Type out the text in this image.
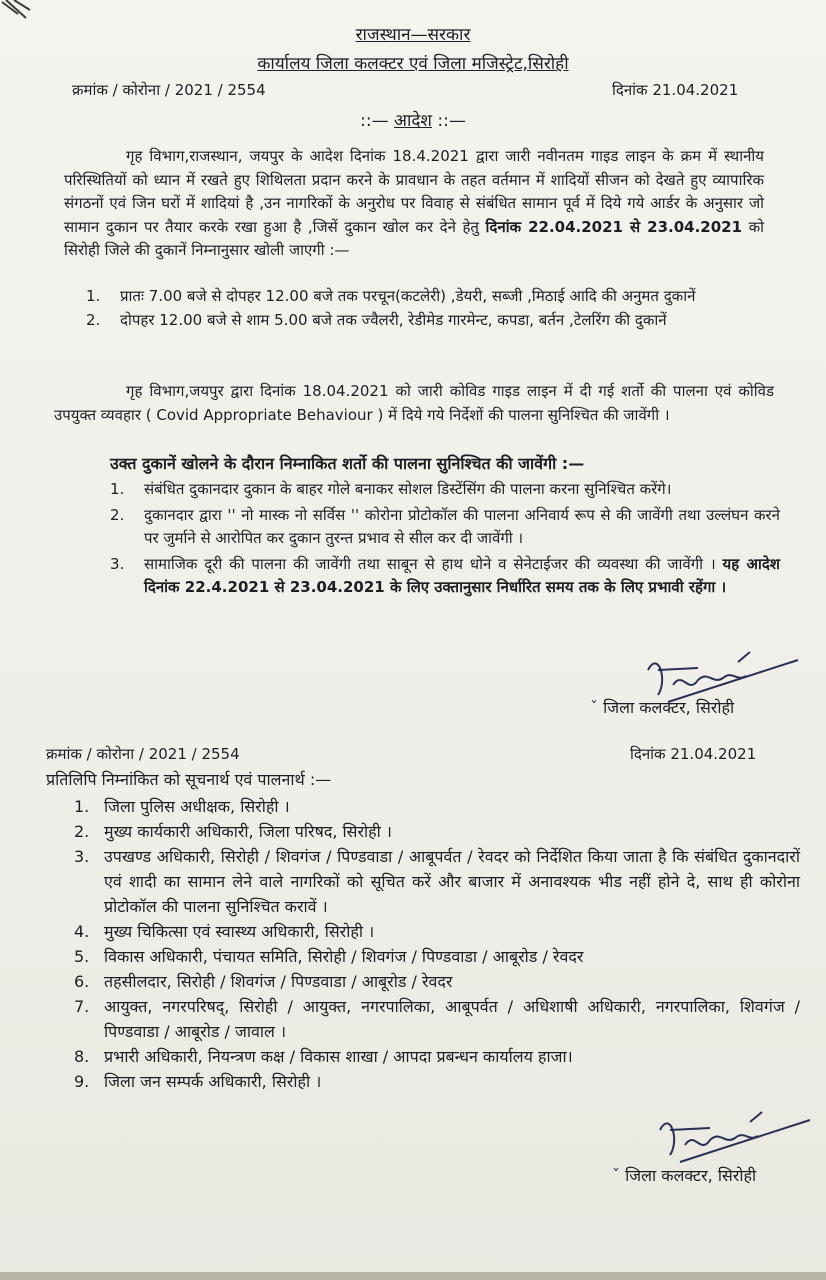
राजस्थान—सरकार
कार्यालय जिला कलक्टर एवं जिला मजिस्ट्रेट,सिरोही
क्रमांक / कोरोना / 2021 / 2554	दिनांक 21.04.2021
::— आदेश ::—
गृह विभाग,राजस्थान, जयपुर के आदेश दिनांक 18.4.2021 द्वारा जारी नवीनतम गाइड लाइन के क्रम में स्थानीय परिस्थितियों को ध्यान में रखते हुए शिथिलता प्रदान करने के प्रावधान के तहत वर्तमान में शादियों सीजन को देखते हुए व्यापारिक संगठनों एवं जिन घरों में शादियां है ,उन नागरिकों के अनुरोध पर विवाह से संबंधित सामान पूर्व में दिये गये आर्डर के अनुसार जो सामान दुकान पर तैयार करके रखा हुआ है ,जिसें दुकान खोल कर देने हेतु दिनांक 22.04.2021 से 23.04.2021 को सिरोही जिले की दुकानें निम्नानुसार खोली जाएगी :—
1. प्रातः 7.00 बजे से दोपहर 12.00 बजे तक परचून(कटलेरी) ,डेयरी, सब्जी ,मिठाई आदि की अनुमत दुकानें
2. दोपहर 12.00 बजे से शाम 5.00 बजे तक ज्वैलरी, रेडीमेड गारमेन्ट, कपडा, बर्तन ,टेलरिंग की दुकानें
गृह विभाग,जयपुर द्वारा दिनांक 18.04.2021 को जारी कोविड गाइड लाइन में दी गई शर्तो की पालना एवं कोविड उपयुक्त व्यवहार ( Covid Appropriate Behaviour ) में दिये गये निर्देशों की पालना सुनिश्चित की जावेंगी ।
उक्त दुकानें खोलने के दौरान निम्नाकित शर्तो की पालना सुनिश्चित की जावेंगी :—
1. संबंधित दुकानदार दुकान के बाहर गोले बनाकर सोशल डिस्टेंसिंग की पालना करना सुनिश्चित करेंगे।
2. दुकानदार द्वारा '' नो मास्क नो सर्विस '' कोरोना प्रोटोकॉल की पालना अनिवार्य रूप से की जावेंगी तथा उल्लंघन करने पर जुर्माने से आरोपित कर दुकान तुरन्त प्रभाव से सील कर दी जावेंगी ।
3. सामाजिक दूरी की पालना की जावेंगी तथा साबून से हाथ धोने व सेनेटाईजर की व्यवस्था की जावेंगी । यह आदेश दिनांक 22.4.2021 से 23.04.2021 के लिए उक्तानुसार निर्धारित समय तक के लिए प्रभावी रहेंगा ।
ˇ जिला कलक्टर, सिरोही
क्रमांक / कोरोना / 2021 / 2554	दिनांक 21.04.2021
प्रतिलिपि निम्नांकित को सूचनार्थ एवं पालनार्थ :—
1. जिला पुलिस अधीक्षक, सिरोही ।
2. मुख्य कार्यकारी अधिकारी, जिला परिषद, सिरोही ।
3. उपखण्ड अधिकारी, सिरोही / शिवगंज / पिण्डवाडा / आबूपर्वत / रेवदर को निर्देशित किया जाता है कि संबंधित दुकानदारों एवं शादी का सामान लेने वाले नागरिकों को सूचित करें और बाजार में अनावश्यक भीड नहीं होने दे, साथ ही कोरोना प्रोटोकॉल की पालना सुनिश्चित करावें ।
4. मुख्य चिकित्सा एवं स्वास्थ्य अधिकारी, सिरोही ।
5. विकास अधिकारी, पंचायत समिति, सिरोही / शिवगंज / पिण्डवाडा / आबूरोड / रेवदर
6. तहसीलदार, सिरोही / शिवगंज / पिण्डवाडा / आबूरोड / रेवदर
7. आयुक्त, नगरपरिषद्, सिरोही / आयुक्त, नगरपालिका, आबूपर्वत / अधिशाषी अधिकारी, नगरपालिका, शिवगंज / पिण्डवाडा / आबूरोड / जावाल ।
8. प्रभारी अधिकारी, नियन्त्रण कक्ष / विकास शाखा / आपदा प्रबन्धन कार्यालय हाजा।
9. जिला जन सम्पर्क अधिकारी, सिरोही ।
ˇ जिला कलक्टर, सिरोही
